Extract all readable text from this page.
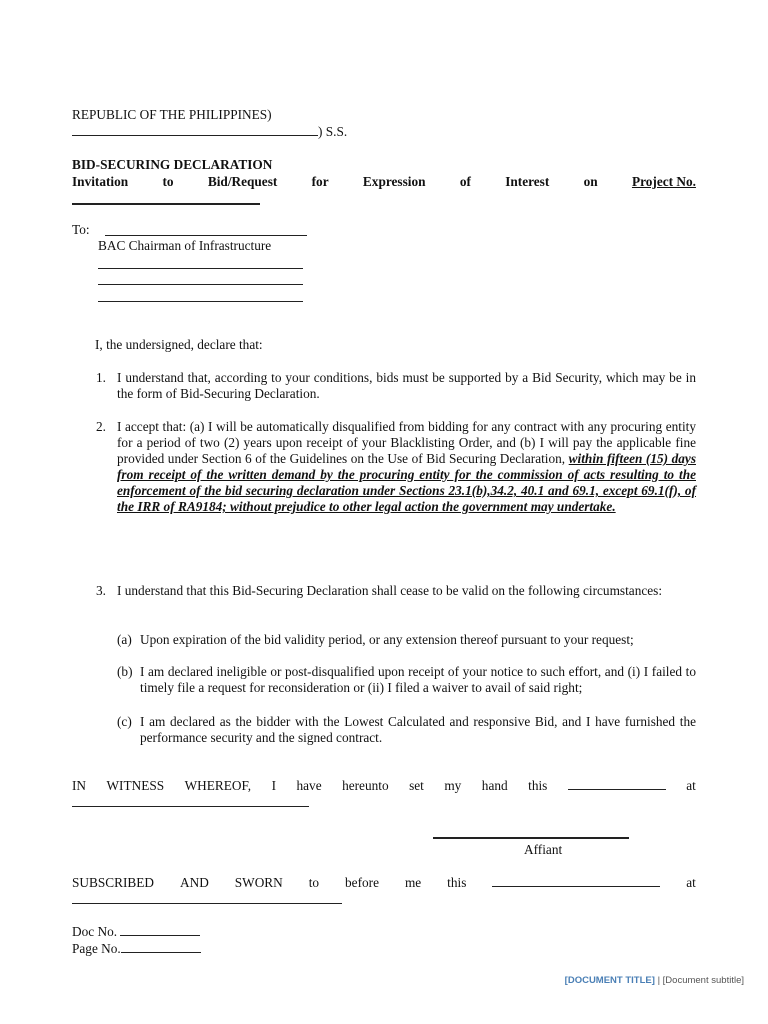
REPUBLIC OF THE PHILIPPINES)
) S.S.
BID-SECURING DECLARATION
Invitation	to	Bid/Request	for	Expression	of	Interest	on	Project No.
To:
BAC Chairman of Infrastructure
I, the undersigned, declare that:
1. I understand that, according to your conditions, bids must be supported by a Bid Security, which may be in the form of Bid-Securing Declaration.
2. I accept that: (a) I will be automatically disqualified from bidding for any contract with any procuring entity for a period of two (2) years upon receipt of your Blacklisting Order, and (b) I will pay the applicable fine provided under Section 6 of the Guidelines on the Use of Bid Securing Declaration, within fifteen (15) days from receipt of the written demand by the procuring entity for the commission of acts resulting to the enforcement of the bid securing declaration under Sections 23.1(b),34.2, 40.1 and 69.1, except 69.1(f), of the IRR of RA9184; without prejudice to other legal action the government may undertake.
3. I understand that this Bid-Securing Declaration shall cease to be valid on the following circumstances:
(a) Upon expiration of the bid validity period, or any extension thereof pursuant to your request;
(b) I am declared ineligible or post-disqualified upon receipt of your notice to such effort, and (i) I failed to timely file a request for reconsideration or (ii) I filed a waiver to avail of said right;
(c) I am declared as the bidder with the Lowest Calculated and responsive Bid, and I have furnished the performance security and the signed contract.
IN WITNESS WHEREOF, I have hereunto set my hand this	at
Affiant
SUBSCRIBED AND SWORN to before me this	at
Doc No.
Page No.
[DOCUMENT TITLE] | [Document subtitle]
